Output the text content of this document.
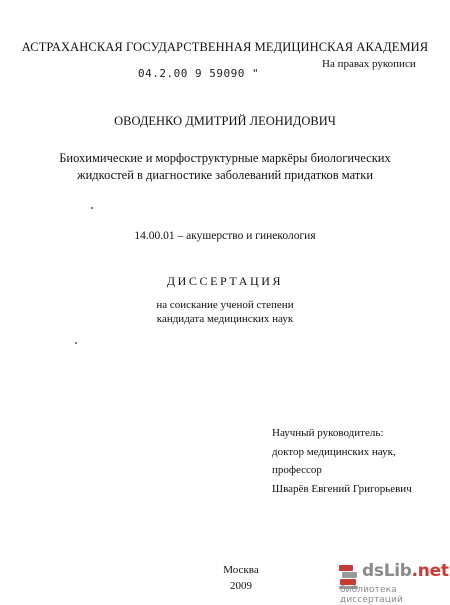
АСТРАХАНСКАЯ ГОСУДАРСТВЕННАЯ МЕДИЦИНСКАЯ АКАДЕМИЯ
04.2.00 9 59090 "
На правах рукописи
ОВОДЕНКО ДМИТРИЙ ЛЕОНИДОВИЧ
Биохимические и морфоструктурные маркёры биологических
жидкостей в диагностике заболеваний придатков матки
14.00.01 – акушерство и гинекология
ДИССЕРТАЦИЯ
на соискание ученой степени
кандидата медицинских наук
Научный руководитель:
доктор медицинских наук,
профессор
Шварёв Евгений Григорьевич
Москва
2009
dsLib.net
библиотека диссертаций
